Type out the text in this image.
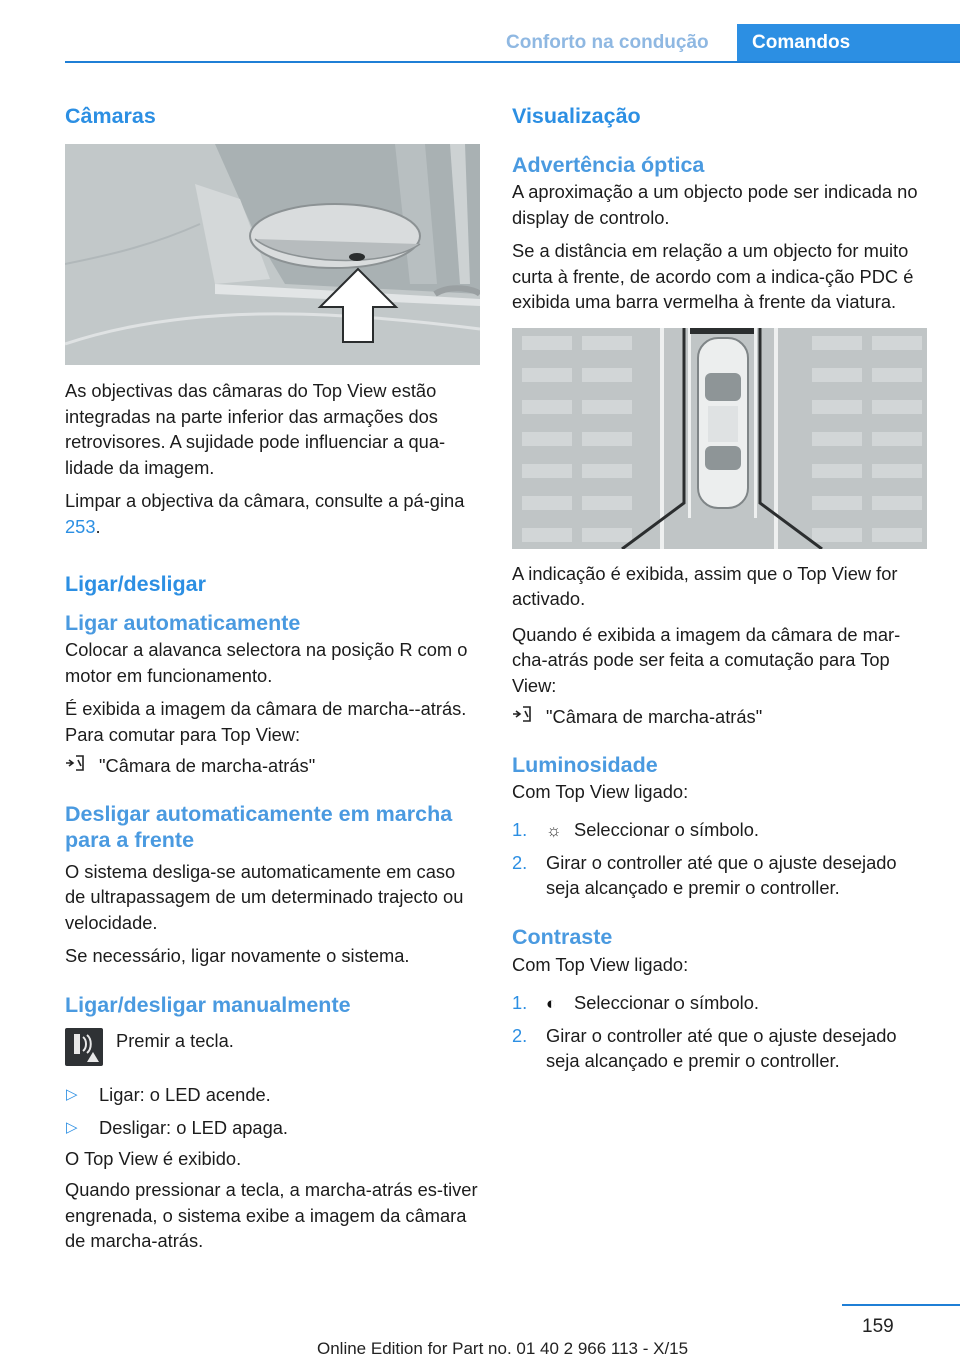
Conforto na condução	Comandos
Câmaras
As objectivas das câmaras do Top View estão integradas na parte inferior das armações dos retrovisores. A sujidade pode influenciar a qua‐lidade da imagem.
Limpar a objectiva da câmara, consulte a pá‐gina 253.
Ligar/desligar
Ligar automaticamente
Colocar a alavanca selectora na posição R com o motor em funcionamento.
É exibida a imagem da câmara de marcha-‐atrás. Para comutar para Top View:
"Câmara de marcha-atrás"
Desligar automaticamente em marcha para a frente
O sistema desliga-se automaticamente em caso de ultrapassagem de um determinado trajecto ou velocidade.
Se necessário, ligar novamente o sistema.
Ligar/desligar manualmente
Premir a tecla.
▷	Ligar: o LED acende.
▷	Desligar: o LED apaga.
O Top View é exibido.
Quando pressionar a tecla, a marcha-atrás es‐tiver engrenada, o sistema exibe a imagem da câmara de marcha-atrás.
Visualização
Advertência óptica
A aproximação a um objecto pode ser indicada no display de controlo.
Se a distância em relação a um objecto for muito curta à frente, de acordo com a indica‐ção PDC é exibida uma barra vermelha à frente da viatura.
A indicação é exibida, assim que o Top View for activado.
Quando é exibida a imagem da câmara de mar‐cha-atrás pode ser feita a comutação para Top View:
"Câmara de marcha-atrás"
Luminosidade
Com Top View ligado:
1.	☼ Seleccionar o símbolo.
2.	Girar o controller até que o ajuste desejado seja alcançado e premir o controller.
Contraste
Com Top View ligado:
1.	◐ Seleccionar o símbolo.
2.	Girar o controller até que o ajuste desejado seja alcançado e premir o controller.
159
Online Edition for Part no. 01 40 2 966 113 - X/15
